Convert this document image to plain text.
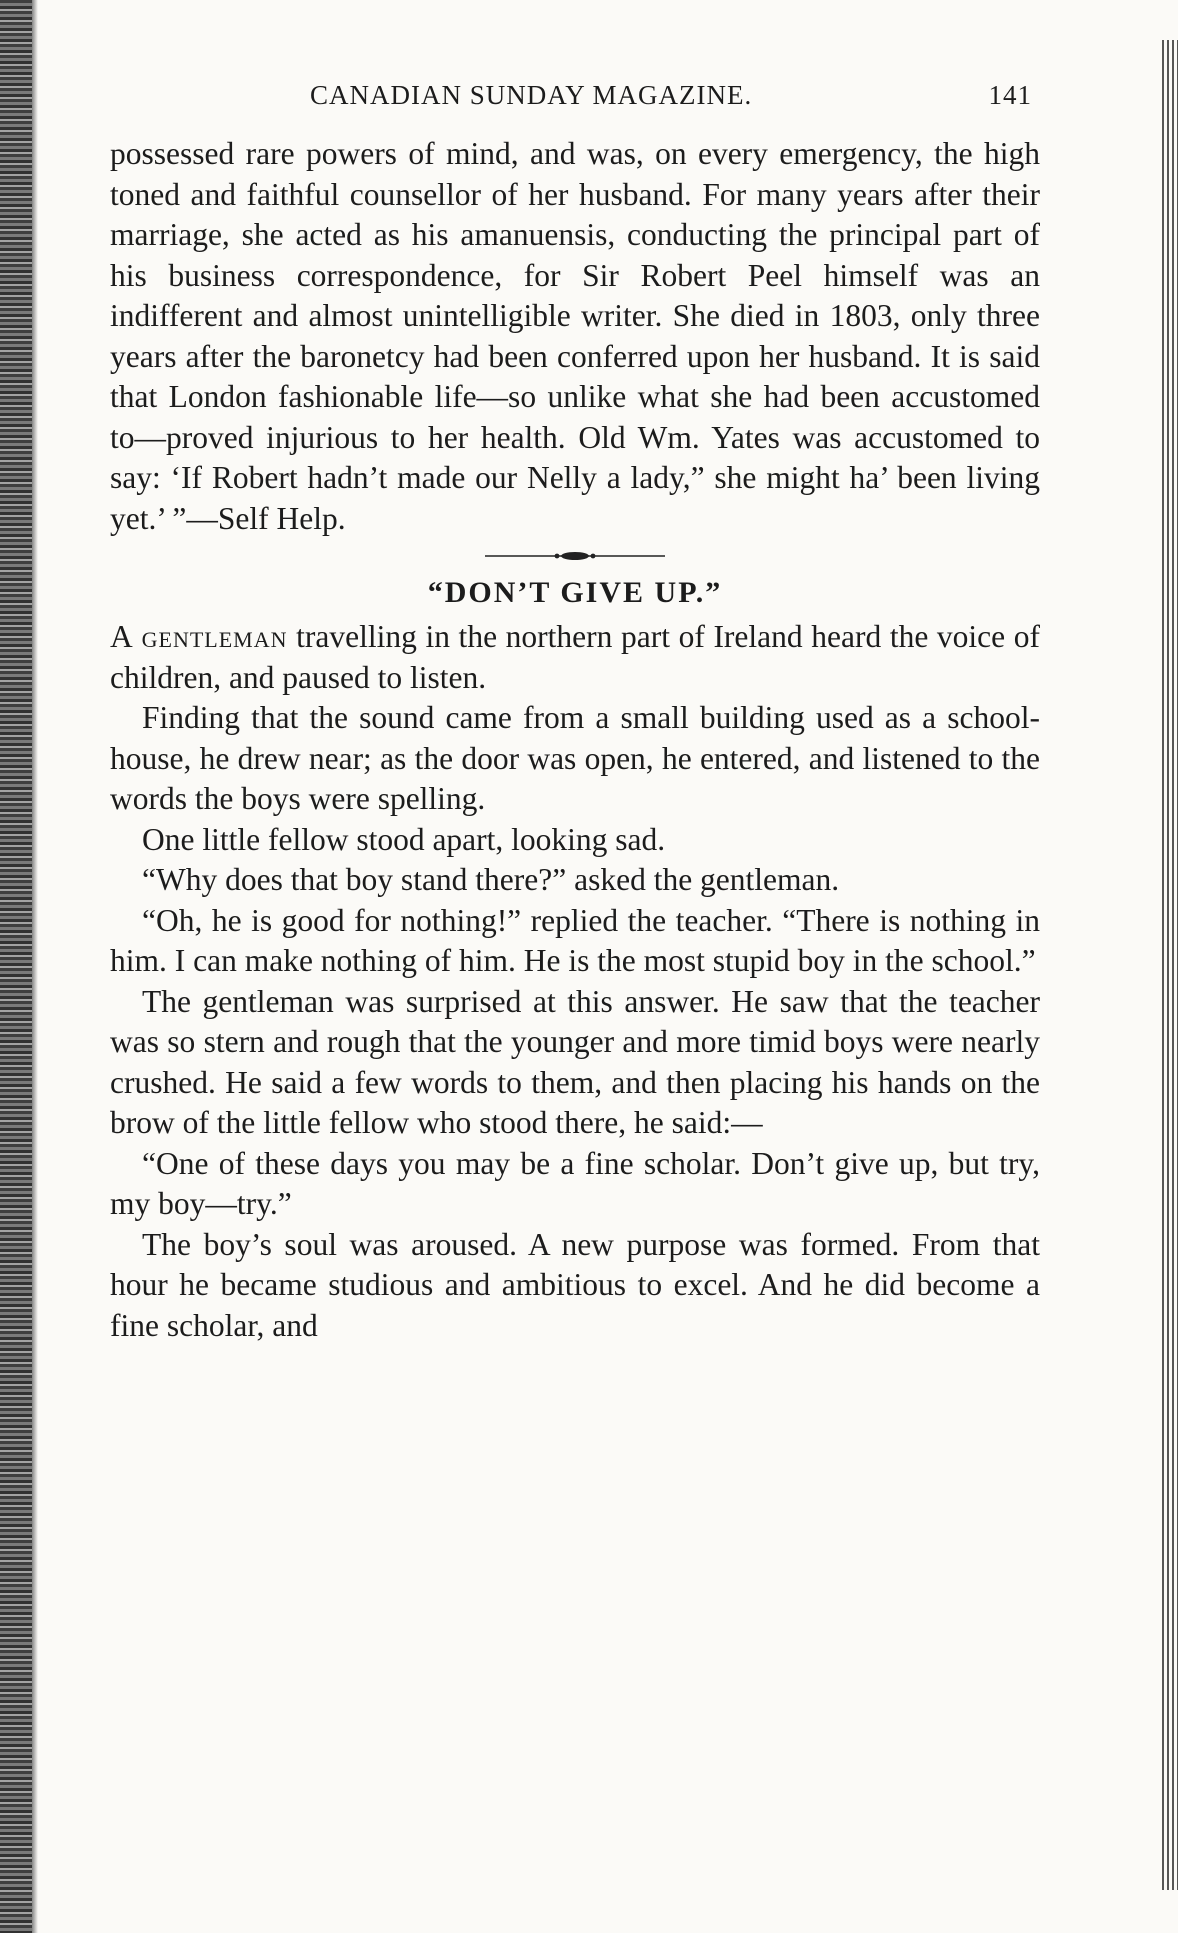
CANADIAN SUNDAY MAGAZINE.	141

possessed rare powers of mind, and was, on every emergency, the high toned and faithful counsellor of her husband. For many years after their marriage, she acted as his amanuensis, conducting the principal part of his business correspondence, for Sir Robert Peel himself was an indifferent and almost unintelligible writer. She died in 1803, only three years after the baronetcy had been conferred upon her husband. It is said that London fashionable life—so unlike what she had been accustomed to—proved injurious to her health. Old Wm. Yates was accustomed to say: ‘If Robert hadn’t made our Nelly a lady,” she might ha’ been living yet.’ ”—Self Help.

“DON’T GIVE UP.”

A gentleman travelling in the northern part of Ireland heard the voice of children, and paused to listen.

Finding that the sound came from a small building used as a school-house, he drew near; as the door was open, he entered, and listened to the words the boys were spelling.

One little fellow stood apart, looking sad.

“Why does that boy stand there?” asked the gentleman.

“Oh, he is good for nothing!” replied the teacher. “There is nothing in him. I can make nothing of him. He is the most stupid boy in the school.”

The gentleman was surprised at this answer. He saw that the teacher was so stern and rough that the younger and more timid boys were nearly crushed. He said a few words to them, and then placing his hands on the brow of the little fellow who stood there, he said:—

“One of these days you may be a fine scholar. Don’t give up, but try, my boy—try.”

The boy’s soul was aroused. A new purpose was formed. From that hour he became studious and ambitious to excel. And he did become a fine scholar, and
